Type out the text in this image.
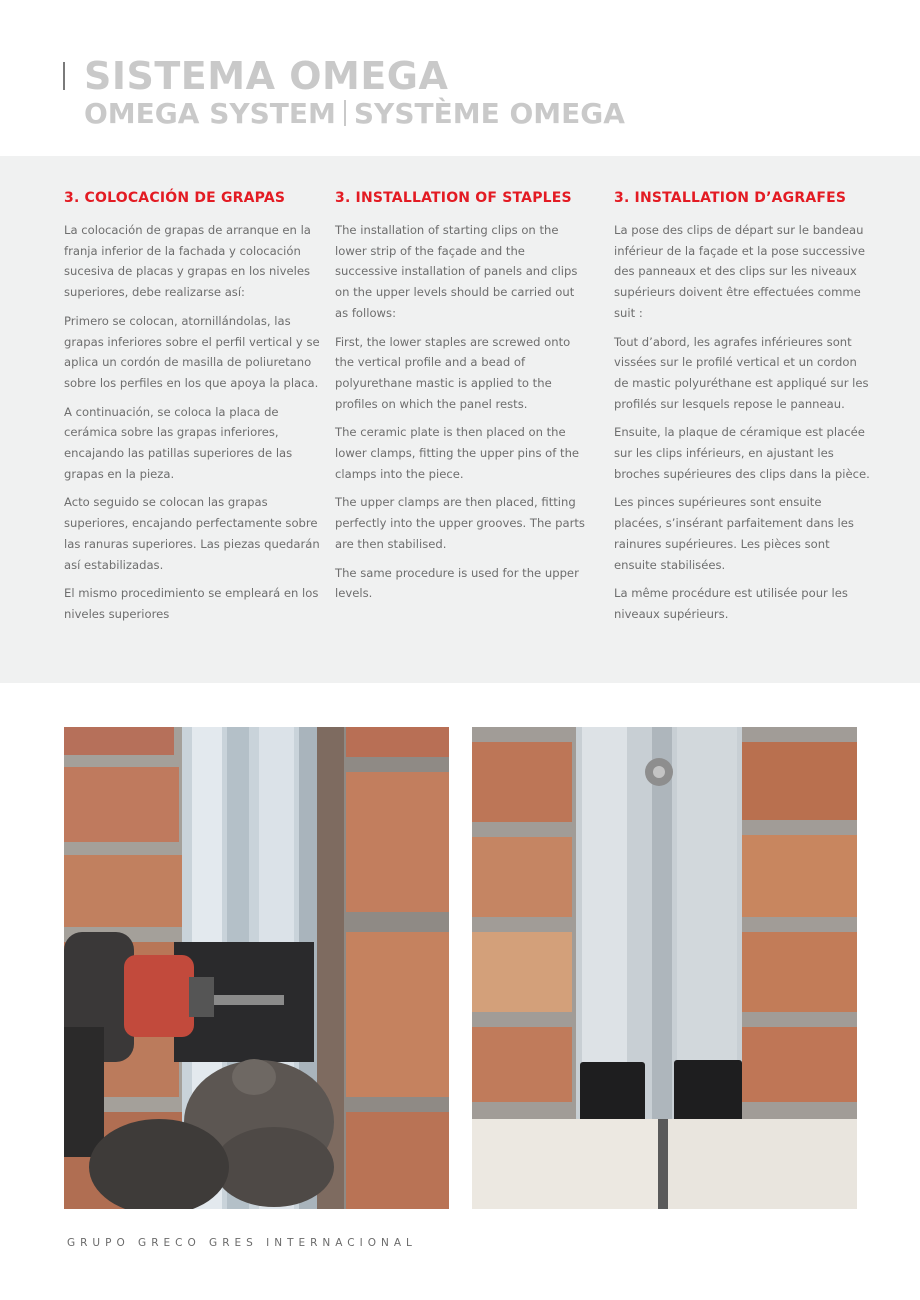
SISTEMA OMEGA
OMEGA SYSTEM SYSTÈME OMEGA
3. COLOCACIÓN DE GRAPAS

La colocación de grapas de arranque en la franja inferior de la fachada y colocación sucesiva de placas y grapas en los niveles superiores, debe realizarse así:

Primero se colocan, atornillándolas, las grapas inferiores sobre el perfil vertical y se aplica un cordón de masilla de poliuretano sobre los perfiles en los que apoya la placa.

A continuación, se coloca la placa de cerámica sobre las grapas inferiores, encajando las patillas superiores de las grapas en la pieza.

Acto seguido se colocan las grapas superiores, encajando perfectamente sobre las ranuras superiores. Las piezas quedarán así estabilizadas.

El mismo procedimiento se empleará en los niveles superiores

3. INSTALLATION OF STAPLES

The installation of starting clips on the lower strip of the façade and the successive installation of panels and clips on the upper levels should be carried out as follows:

First, the lower staples are screwed onto the vertical profile and a bead of polyurethane mastic is applied to the profiles on which the panel rests.

The ceramic plate is then placed on the lower clamps, fitting the upper pins of the clamps into the piece.

The upper clamps are then placed, fitting perfectly into the upper grooves. The parts are then stabilised.

The same procedure is used for the upper levels.

3. INSTALLATION D’AGRAFES

La pose des clips de départ sur le bandeau inférieur de la façade et la pose successive des panneaux et des clips sur les niveaux supérieurs doivent être effectuées comme suit :

Tout d’abord, les agrafes inférieures sont vissées sur le profilé vertical et un cordon de mastic polyuréthane est appliqué sur les profilés sur lesquels repose le panneau.

Ensuite, la plaque de céramique est placée sur les clips inférieurs, en ajustant les broches supérieures des clips dans la pièce.

Les pinces supérieures sont ensuite placées, s’insérant parfaitement dans les rainures supérieures. Les pièces sont ensuite stabilisées.

La même procédure est utilisée pour les niveaux supérieurs.

GRUPO GRECO GRES INTERNACIONAL
